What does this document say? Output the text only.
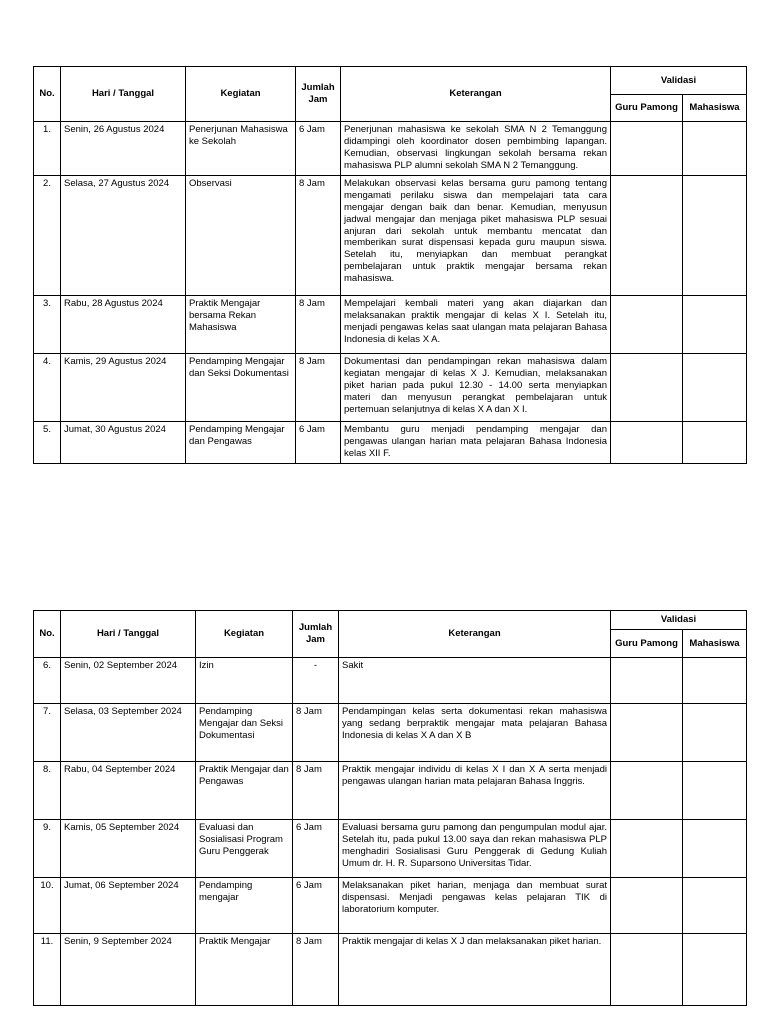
No.	Hari / Tanggal	Kegiatan	Jumlah Jam	Keterangan	Validasi	
					Guru Pamong	Mahasiswa
1.	Senin, 26 Agustus 2024	Penerjunan Mahasiswa ke Sekolah	6 Jam	Penerjunan mahasiswa ke sekolah SMA N 2 Temanggung didampingi oleh koordinator dosen pembimbing lapangan. Kemudian, observasi lingkungan sekolah bersama rekan mahasiswa PLP alumni sekolah SMA N 2 Temanggung.		
2.	Selasa, 27 Agustus 2024	Observasi	8 Jam	Melakukan observasi kelas bersama guru pamong tentang mengamati perilaku siswa dan mempelajari tata cara mengajar dengan baik dan benar. Kemudian, menyusun jadwal mengajar dan menjaga piket mahasiswa PLP sesuai anjuran dari sekolah untuk membantu mencatat dan memberikan surat dispensasi kepada guru maupun siswa. Setelah itu, menyiapkan dan membuat perangkat pembelajaran untuk praktik mengajar bersama rekan mahasiswa.		
3.	Rabu, 28 Agustus 2024	Praktik Mengajar bersama Rekan Mahasiswa	8 Jam	Mempelajari kembali materi yang akan diajarkan dan melaksanakan praktik mengajar di kelas X I. Setelah itu, menjadi pengawas kelas saat ulangan mata pelajaran Bahasa Indonesia di kelas X A.		
4.	Kamis, 29 Agustus 2024	Pendamping Mengajar dan Seksi Dokumentasi	8 Jam	Dokumentasi dan pendampingan rekan mahasiswa dalam kegiatan mengajar di kelas X J. Kemudian, melaksanakan piket harian pada pukul 12.30 - 14.00 serta menyiapkan materi dan menyusun perangkat pembelajaran untuk pertemuan selanjutnya di kelas X A dan X I.		
5.	Jumat, 30 Agustus 2024	Pendamping Mengajar dan Pengawas	6 Jam	Membantu guru menjadi pendamping mengajar dan pengawas ulangan harian mata pelajaran Bahasa Indonesia kelas XII F.		
No.	Hari / Tanggal	Kegiatan	Jumlah Jam	Keterangan	Validasi	
					Guru Pamong	Mahasiswa
6.	Senin, 02 September 2024	Izin	-	Sakit		
7.	Selasa, 03 September 2024	Pendamping Mengajar dan Seksi Dokumentasi	8 Jam	Pendampingan kelas serta dokumentasi rekan mahasiswa yang sedang berpraktik mengajar mata pelajaran Bahasa Indonesia di kelas X A dan X B		
8.	Rabu, 04 September 2024	Praktik Mengajar dan Pengawas	8 Jam	Praktik mengajar individu di kelas X I dan X A serta menjadi pengawas ulangan harian mata pelajaran Bahasa Inggris.		
9.	Kamis, 05 September 2024	Evaluasi dan Sosialisasi Program Guru Penggerak	6 Jam	Evaluasi bersama guru pamong dan pengumpulan modul ajar. Setelah itu, pada pukul 13.00 saya dan rekan mahasiswa PLP menghadiri Sosialisasi Guru Penggerak di Gedung Kuliah Umum dr. H. R. Suparsono Universitas Tidar.		
10.	Jumat, 06 September 2024	Pendamping mengajar	6 Jam	Melaksanakan piket harian, menjaga dan membuat surat dispensasi. Menjadi pengawas kelas pelajaran TIK di laboratorium komputer.		
11.	Senin, 9 September 2024	Praktik Mengajar	8 Jam	Praktik mengajar di kelas X J dan melaksanakan piket harian.		
